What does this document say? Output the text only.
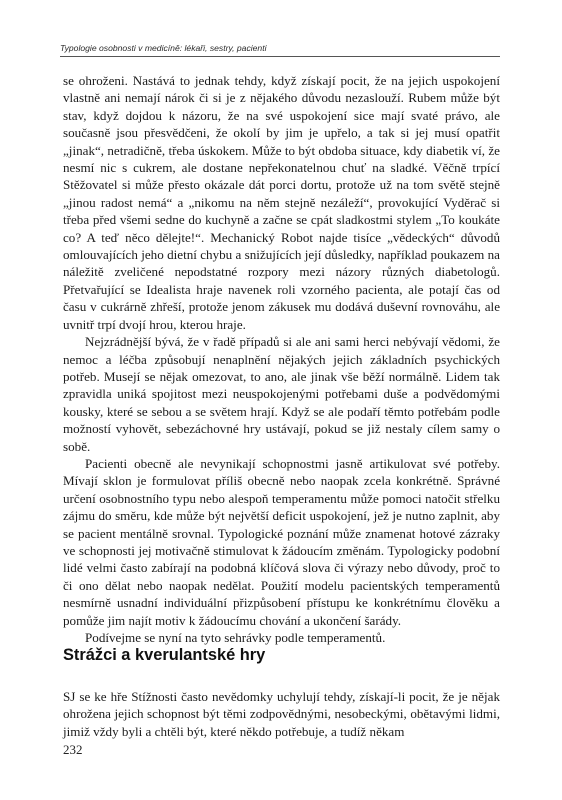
Typologie osobnosti v medicíně: lékaři, sestry, pacienti

se ohroženi. Nastává to jednak tehdy, když získají pocit, že na jejich uspokojení vlastně ani nemají nárok či si je z nějakého důvodu nezaslouží. Rubem může být stav, když dojdou k názoru, že na své uspokojení sice mají svaté právo, ale současně jsou přesvědčeni, že okolí by jim je upřelo, a tak si jej musí opatřit „jinak“, netradičně, třeba úskokem. Může to být obdoba situace, kdy diabetik ví, že nesmí nic s cukrem, ale dostane nepřekonatelnou chuť na sladké. Věčně trpící Stěžovatel si může přesto okázale dát porci dortu, protože už na tom světě stejně „jinou radost nemá“ a „nikomu na něm stejně nezáleží“, provokující Vyděrač si třeba před všemi sedne do kuchyně a začne se cpát sladkostmi stylem „To koukáte co? A teď něco dělejte!“. Mechanický Robot najde tisíce „vědeckých“ důvodů omlouvajících jeho dietní chybu a snižujících její důsledky, například poukazem na náležitě zveličené nepodstatné rozpory mezi názory různých diabetologů. Přetvařující se Idealista hraje navenek roli vzorného pacienta, ale potají čas od času v cukrárně zhřeší, protože jenom zákusek mu dodává duševní rovnováhu, ale uvnitř trpí dvojí hrou, kterou hraje.

Nejzrádnější bývá, že v řadě případů si ale ani sami herci nebývají vědomi, že nemoc a léčba způsobují nenaplnění nějakých jejich základních psychických potřeb. Musejí se nějak omezovat, to ano, ale jinak vše běží normálně. Lidem tak zpravidla uniká spojitost mezi neuspokojenými potřebami duše a podvědomými kousky, které se sebou a se světem hrají. Když se ale podaří těmto potřebám podle možností vyhovět, sebezáchovné hry ustávají, pokud se již nestaly cílem samy o sobě.

Pacienti obecně ale nevynikají schopnostmi jasně artikulovat své potřeby. Mívají sklon je formulovat příliš obecně nebo naopak zcela konkrétně. Správné určení osobnostního typu nebo alespoň temperamentu může pomoci natočit střelku zájmu do směru, kde může být největší deficit uspokojení, jež je nutno zaplnit, aby se pacient mentálně srovnal. Typologické poznání může znamenat hotové zázraky ve schopnosti jej motivačně stimulovat k žádoucím změnám. Typologicky podobní lidé velmi často zabírají na podobná klíčová slova či výrazy nebo důvody, proč to či ono dělat nebo naopak nedělat. Použití modelu pacientských temperamentů nesmírně usnadní individuální přizpůsobení přístupu ke konkrétnímu člověku a pomůže jim najít motiv k žádoucímu chování a ukončení šarády.

Podívejme se nyní na tyto sehrávky podle temperamentů.

Strážci a kverulantské hry

SJ se ke hře Stížnosti často nevědomky uchylují tehdy, získají-li pocit, že je nějak ohrožena jejich schopnost být těmi zodpovědnými, nesobeckými, obětavými lidmi, jimiž vždy byli a chtěli být, které někdo potřebuje, a tudíž někam

232
